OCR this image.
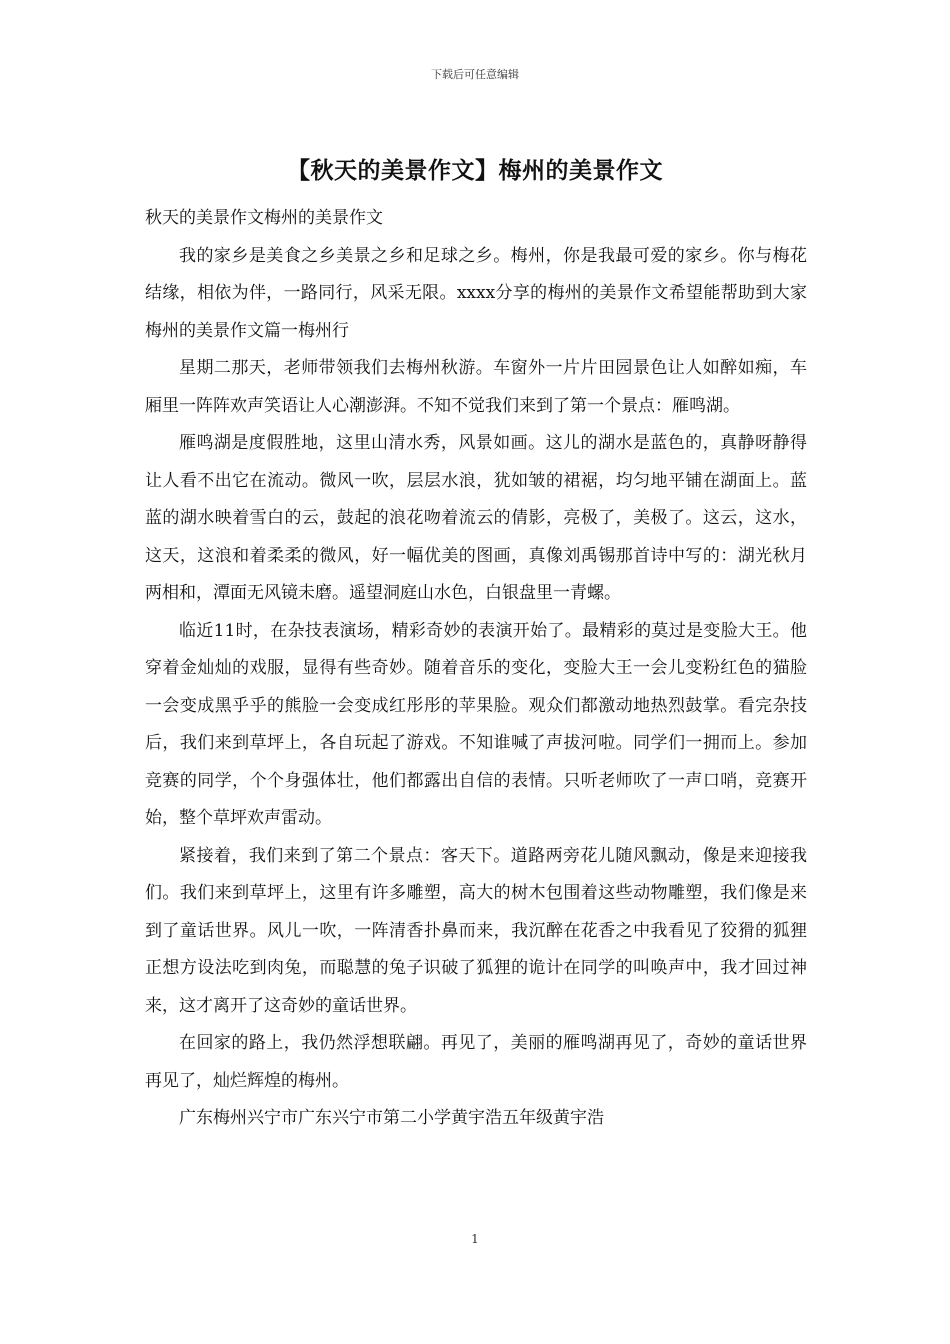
下载后可任意编辑
【秋天的美景作文】梅州的美景作文

秋天的美景作文梅州的美景作文

我的家乡是美食之乡美景之乡和足球之乡。梅州，你是我最可爱的家乡。你与梅花结缘，相依为伴，一路同行，风采无限。xxxx分享的梅州的美景作文希望能帮助到大家梅州的美景作文篇一梅州行

星期二那天，老师带领我们去梅州秋游。车窗外一片片田园景色让人如醉如痴，车厢里一阵阵欢声笑语让人心潮澎湃。不知不觉我们来到了第一个景点：雁鸣湖。

雁鸣湖是度假胜地，这里山清水秀，风景如画。这儿的湖水是蓝色的，真静呀静得让人看不出它在流动。微风一吹，层层水浪，犹如皱的裙裾，均匀地平铺在湖面上。蓝蓝的湖水映着雪白的云，鼓起的浪花吻着流云的倩影，亮极了，美极了。这云，这水，这天，这浪和着柔柔的微风，好一幅优美的图画，真像刘禹锡那首诗中写的：湖光秋月两相和，潭面无风镜未磨。遥望洞庭山水色，白银盘里一青螺。

临近11时，在杂技表演场，精彩奇妙的表演开始了。最精彩的莫过是变脸大王。他穿着金灿灿的戏服，显得有些奇妙。随着音乐的变化，变脸大王一会儿变粉红色的猫脸一会变成黑乎乎的熊脸一会变成红彤彤的苹果脸。观众们都激动地热烈鼓掌。看完杂技后，我们来到草坪上，各自玩起了游戏。不知谁喊了声拔河啦。同学们一拥而上。参加竞赛的同学，个个身强体壮，他们都露出自信的表情。只听老师吹了一声口哨，竞赛开始，整个草坪欢声雷动。

紧接着，我们来到了第二个景点：客天下。道路两旁花儿随风飘动，像是来迎接我们。我们来到草坪上，这里有许多雕塑，高大的树木包围着这些动物雕塑，我们像是来到了童话世界。风儿一吹，一阵清香扑鼻而来，我沉醉在花香之中我看见了狡猾的狐狸正想方设法吃到肉兔，而聪慧的兔子识破了狐狸的诡计在同学的叫唤声中，我才回过神来，这才离开了这奇妙的童话世界。

在回家的路上，我仍然浮想联翩。再见了，美丽的雁鸣湖再见了，奇妙的童话世界再见了，灿烂辉煌的梅州。

广东梅州兴宁市广东兴宁市第二小学黄宇浩五年级黄宇浩

1
